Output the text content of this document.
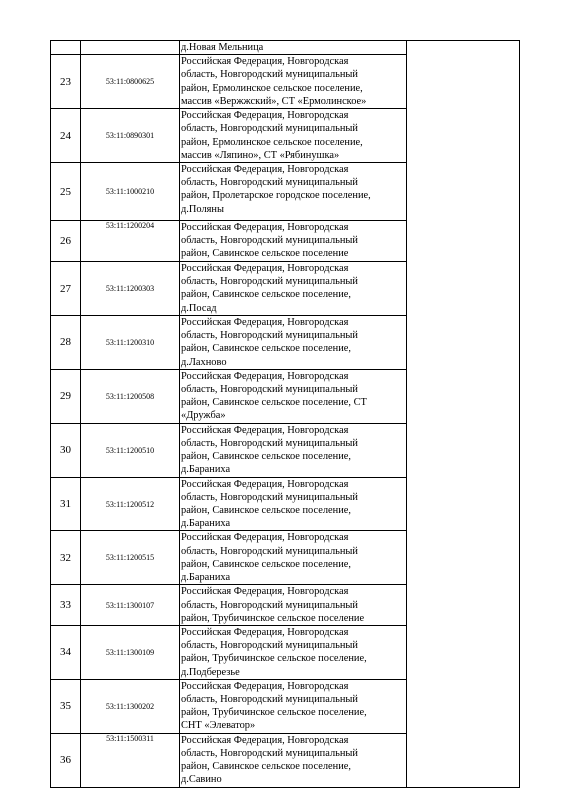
		д.Новая Мельница	
23	53:11:0800625	Российская Федерация, Новгородская
область, Новгородский муниципальный
район, Ермолинское сельское поселение,
массив «Вержжский», СТ «Ермолинское»	
24	53:11:0890301	Российская Федерация, Новгородская
область, Новгородский муниципальный
район, Ермолинское сельское поселение,
массив «Ляпино», СТ «Рябинушка»	
25	53:11:1000210	Российская Федерация, Новгородская
область, Новгородский муниципальный
район, Пролетарское городское поселение,
д.Поляны	
26	53:11:1200204	Российская Федерация, Новгородская
область, Новгородский муниципальный
район, Савинское сельское поселение	
27	53:11:1200303	Российская Федерация, Новгородская
область, Новгородский муниципальный
район, Савинское сельское поселение,
д.Посад	
28	53:11:1200310	Российская Федерация, Новгородская
область, Новгородский муниципальный
район, Савинское сельское поселение,
д.Лахново	
29	53:11:1200508	Российская Федерация, Новгородская
область, Новгородский муниципальный
район, Савинское сельское поселение, СТ
«Дружба»	
30	53:11:1200510	Российская Федерация, Новгородская
область, Новгородский муниципальный
район, Савинское сельское поселение,
д.Бараниха	
31	53:11:1200512	Российская Федерация, Новгородская
область, Новгородский муниципальный
район, Савинское сельское поселение,
д.Бараниха	
32	53:11:1200515	Российская Федерация, Новгородская
область, Новгородский муниципальный
район, Савинское сельское поселение,
д.Бараниха	
33	53:11:1300107	Российская Федерация, Новгородская
область, Новгородский муниципальный
район, Трубичинское сельское поселение	
34	53:11:1300109	Российская Федерация, Новгородская
область, Новгородский муниципальный
район, Трубичинское сельское поселение,
д.Подберезье	
35	53:11:1300202	Российская Федерация, Новгородская
область, Новгородский муниципальный
район, Трубичинское сельское поселение,
СНТ «Элеватор»	
36	53:11:1500311	Российская Федерация, Новгородская
область, Новгородский муниципальный
район, Савинское сельское поселение,
д.Савино	
